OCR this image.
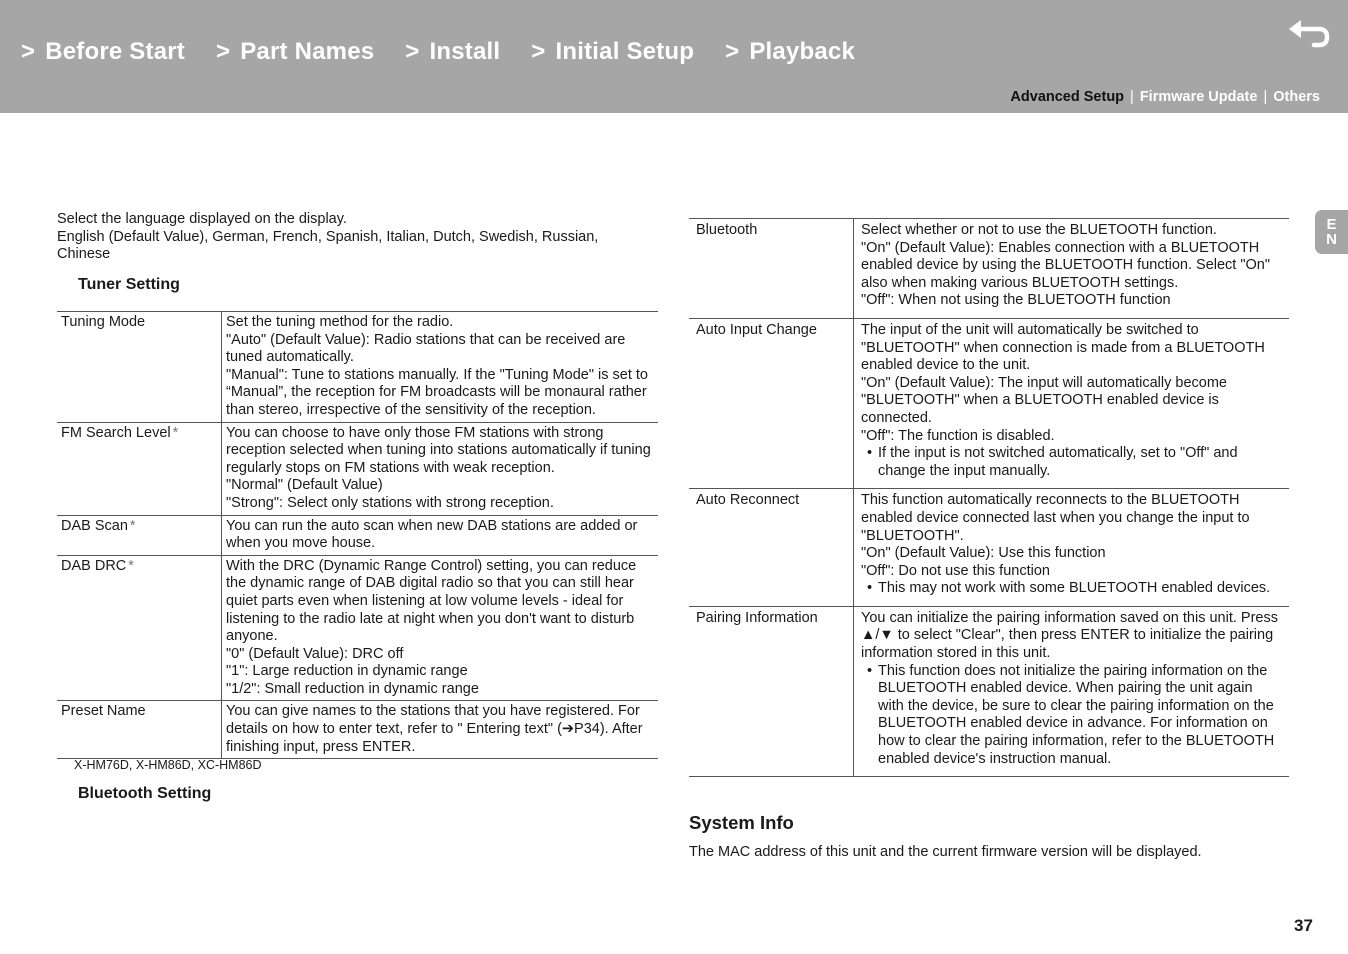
> Before Start > Part Names > Install > Initial Setup > Playback
Advanced Setup | Firmware Update | Others
E
N
Select the language displayed on the display.
English (Default Value), German, French, Spanish, Italian, Dutch, Swedish, Russian, Chinese
Tuner Setting
Tuning Mode	Set the tuning method for the radio.
"Auto" (Default Value): Radio stations that can be received are tuned automatically.
"Manual": Tune to stations manually. If the "Tuning Mode" is set to “Manual”, the reception for FM broadcasts will be monaural rather than stereo, irrespective of the sensitivity of the reception.

FM Search Level *	You can choose to have only those FM stations with strong reception selected when tuning into stations automatically if tuning regularly stops on FM stations with weak reception.
"Normal" (Default Value)
"Strong": Select only stations with strong reception.

DAB Scan *	You can run the auto scan when new DAB stations are added or when you move house.

DAB DRC *	With the DRC (Dynamic Range Control) setting, you can reduce the dynamic range of DAB digital radio so that you can still hear quiet parts even when listening at low volume levels - ideal for listening to the radio late at night when you don't want to disturb anyone.
"0" (Default Value): DRC off
"1": Large reduction in dynamic range
"1/2": Small reduction in dynamic range

Preset Name	You can give names to the stations that you have registered. For details on how to enter text, refer to " Entering text" (➔P34). After finishing input, press ENTER.
X-HM76D, X-HM86D, XC-HM86D
Bluetooth Setting
Bluetooth	Select whether or not to use the BLUETOOTH function.
"On" (Default Value): Enables connection with a BLUETOOTH enabled device by using the BLUETOOTH function. Select "On" also when making various BLUETOOTH settings.
"Off": When not using the BLUETOOTH function

Auto Input Change	The input of the unit will automatically be switched to "BLUETOOTH" when connection is made from a BLUETOOTH enabled device to the unit.
"On" (Default Value): The input will automatically become "BLUETOOTH" when a BLUETOOTH enabled device is connected.
"Off": The function is disabled.
• If the input is not switched automatically, set to "Off" and change the input manually.

Auto Reconnect	This function automatically reconnects to the BLUETOOTH enabled device connected last when you change the input to "BLUETOOTH".
"On" (Default Value): Use this function
"Off": Do not use this function
• This may not work with some BLUETOOTH enabled devices.

Pairing Information	You can initialize the pairing information saved on this unit. Press ▲/▼ to select "Clear", then press ENTER to initialize the pairing information stored in this unit.
• This function does not initialize the pairing information on the BLUETOOTH enabled device. When pairing the unit again with the device, be sure to clear the pairing information on the BLUETOOTH enabled device in advance. For information on how to clear the pairing information, refer to the BLUETOOTH enabled device's instruction manual.
System Info
The MAC address of this unit and the current firmware version will be displayed.
37
